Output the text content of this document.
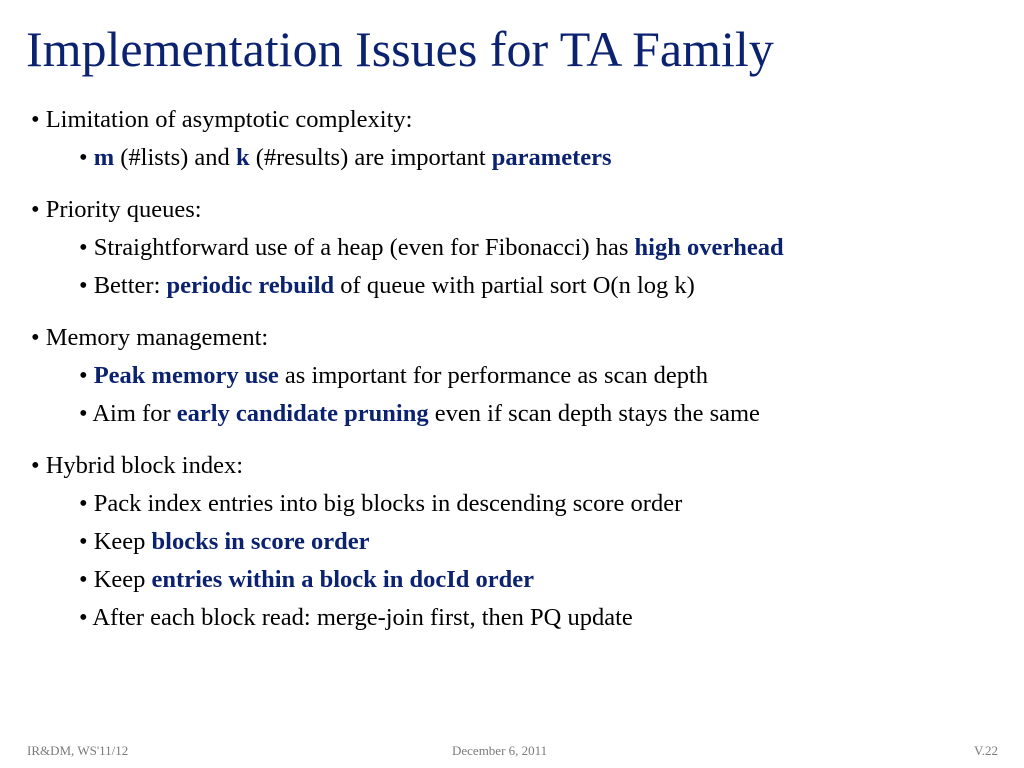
Implementation Issues for TA Family
• Limitation of asymptotic complexity:
• m (#lists) and k (#results) are important parameters
• Priority queues:
• Straightforward use of a heap (even for Fibonacci) has high overhead
• Better: periodic rebuild of queue with partial sort O(n log k)
• Memory management:
• Peak memory use as important for performance as scan depth
• Aim for early candidate pruning even if scan depth stays the same
• Hybrid block index:
• Pack index entries into big blocks in descending score order
• Keep blocks in score order
• Keep entries within a block in docId order
• After each block read: merge-join first, then PQ update
IR&DM, WS'11/12	December 6, 2011	V.22
